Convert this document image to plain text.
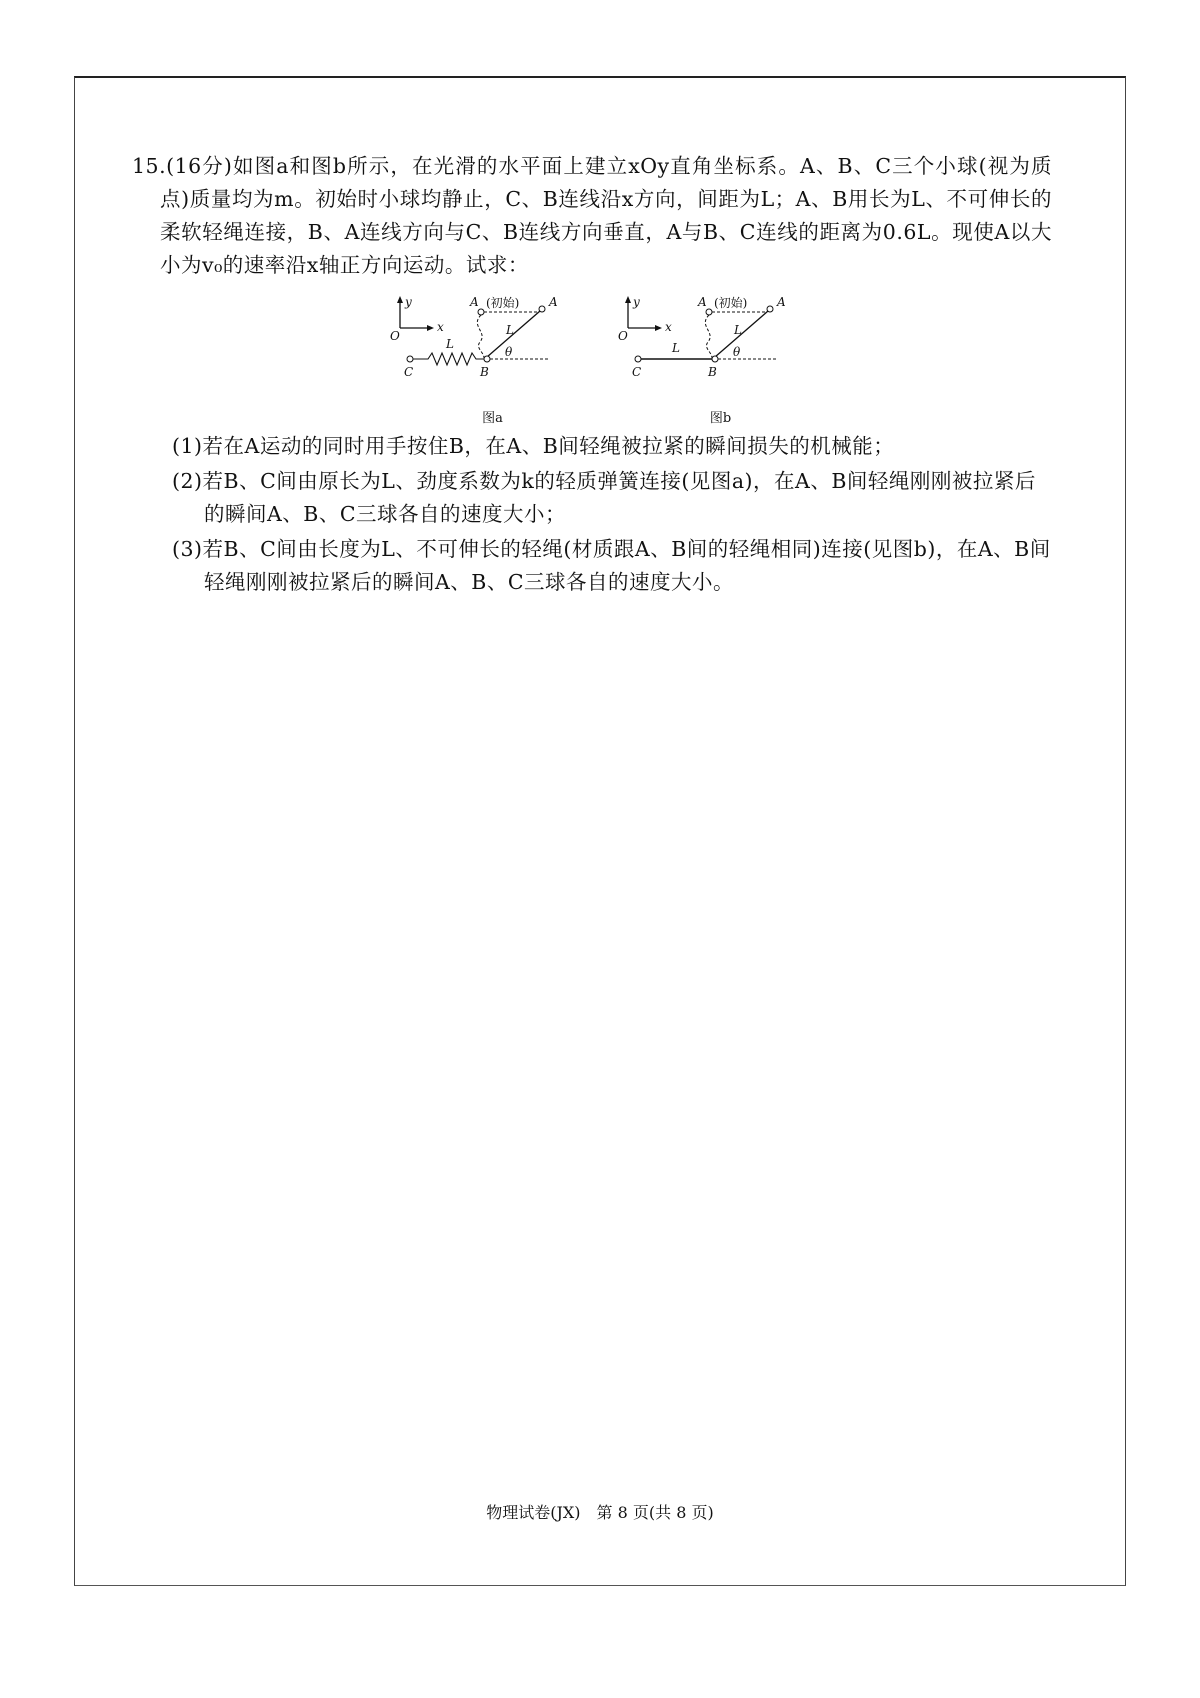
15.(16分)如图a和图b所示，在光滑的水平面上建立xOy直角坐标系。A、B、C三个小球(视为质点)质量均为m。初始时小球均静止，C、B连线沿x方向，间距为L；A、B用长为L、不可伸长的柔软轻绳连接，B、A连线方向与C、B连线方向垂直，A与B、C连线的距离为0.6L。现使A以大小为v₀的速率沿x轴正方向运动。试求：

y
x
O
A (初始) A
L
θ
L
C	B
图a
y
x
O
A (初始) A
L
θ
L
C	B
图b

(1)若在A运动的同时用手按住B，在A、B间轻绳被拉紧的瞬间损失的机械能；

(2)若B、C间由原长为L、劲度系数为k的轻质弹簧连接(见图a)，在A、B间轻绳刚刚被拉紧后的瞬间A、B、C三球各自的速度大小；

(3)若B、C间由长度为L、不可伸长的轻绳(材质跟A、B间的轻绳相同)连接(见图b)，在A、B间轻绳刚刚被拉紧后的瞬间A、B、C三球各自的速度大小。

物理试卷(JX)　第 8 页(共 8 页)
